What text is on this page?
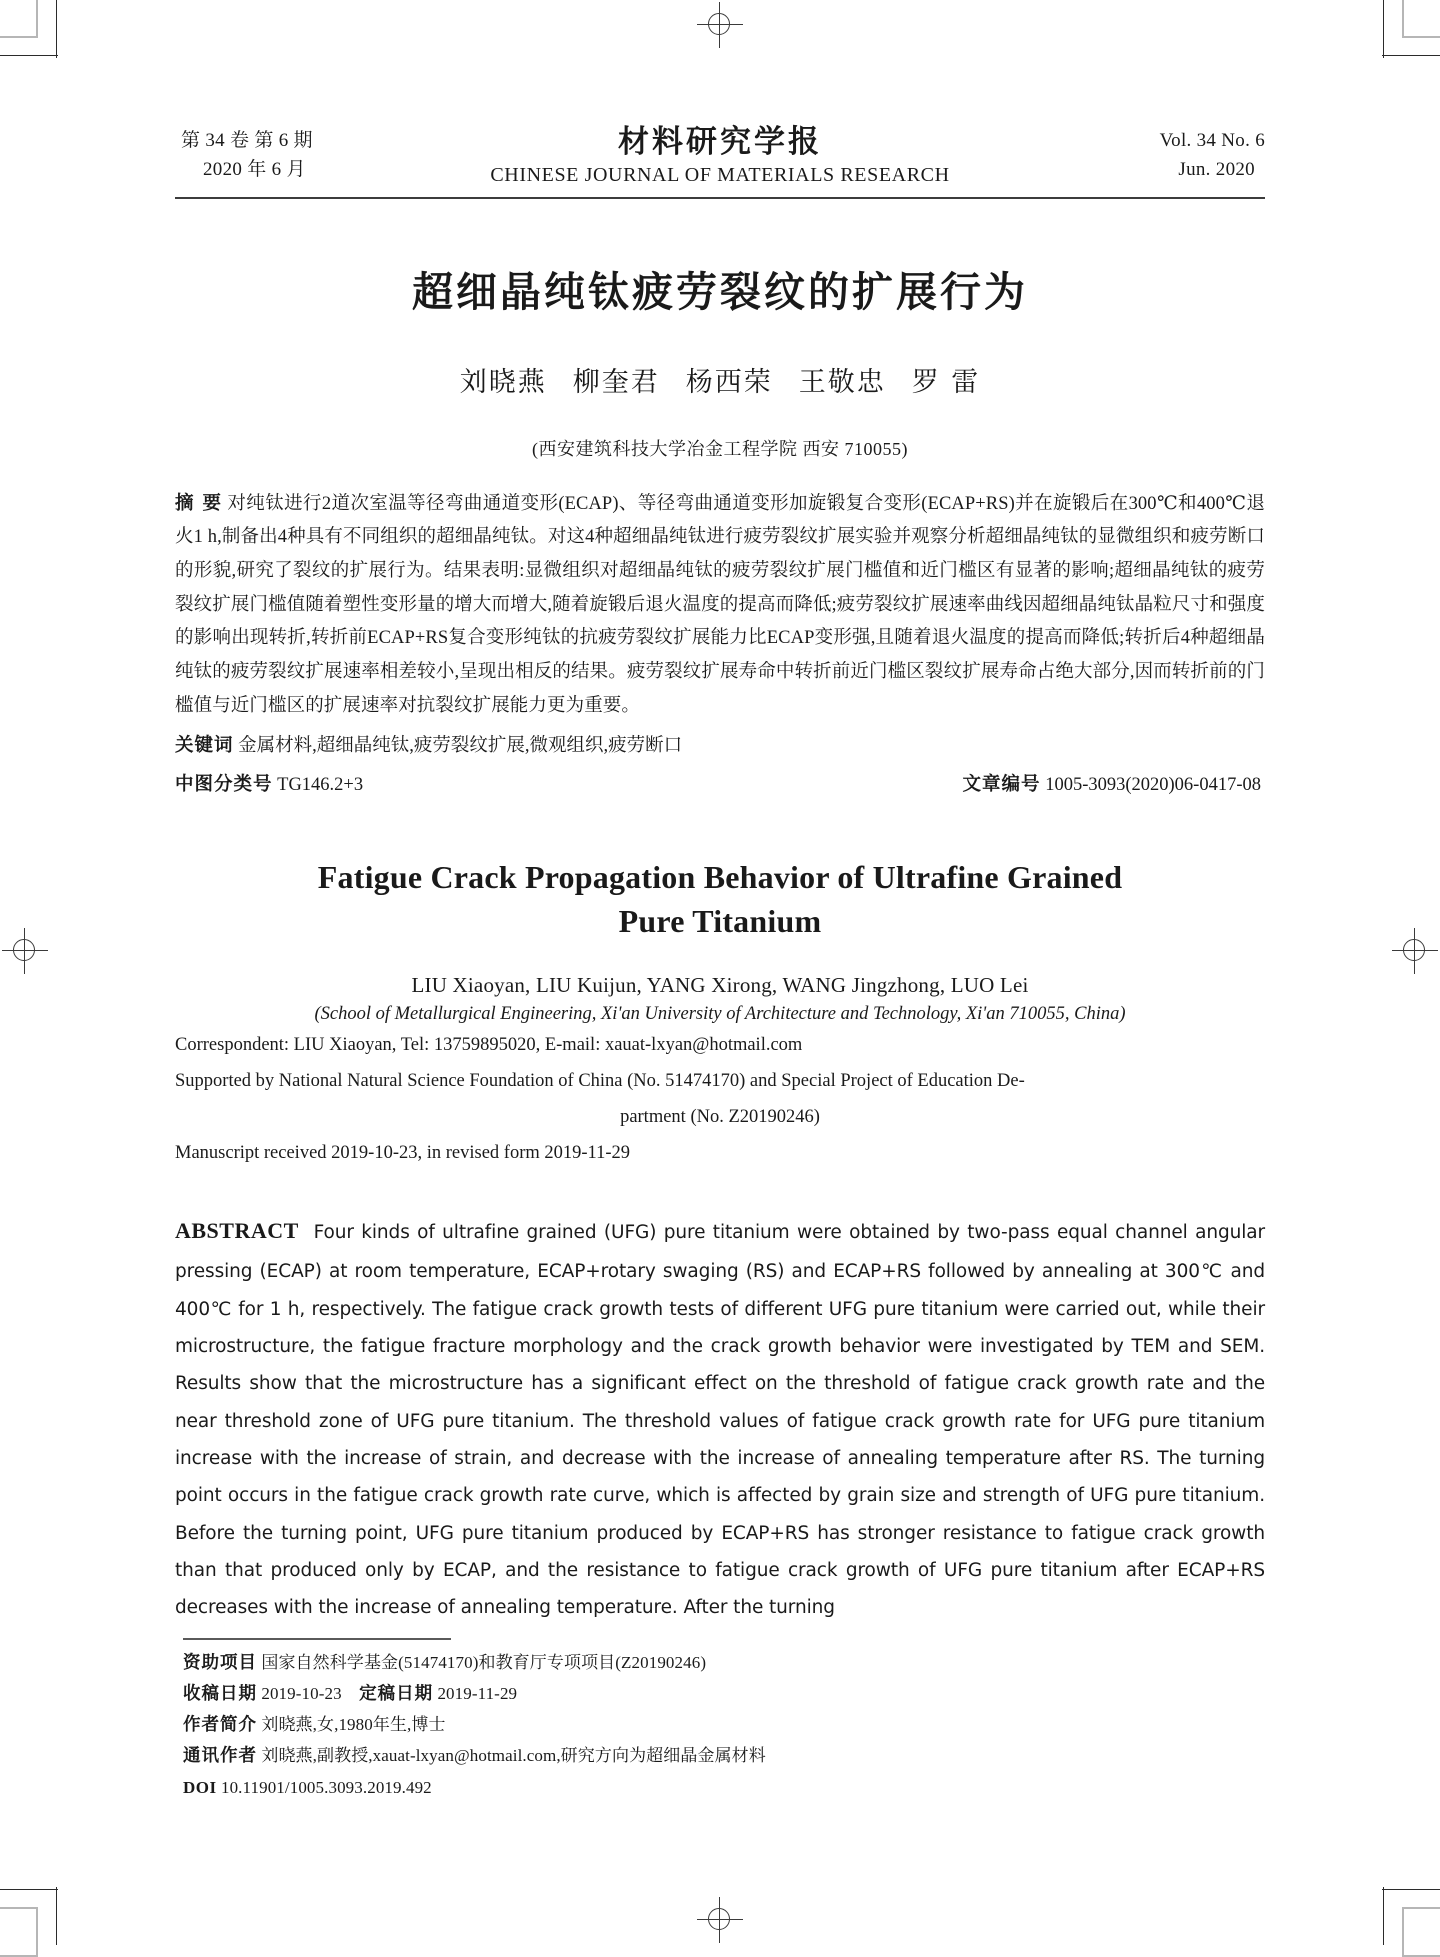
第 34 卷 第 6 期
2020 年 6 月
材料研究学报
CHINESE JOURNAL OF MATERIALS RESEARCH
Vol. 34 No. 6
Jun. 2020
超细晶纯钛疲劳裂纹的扩展行为
刘晓燕 柳奎君 杨西荣 王敬忠 罗 雷
(西安建筑科技大学冶金工程学院 西安 710055)
摘 要 对纯钛进行2道次室温等径弯曲通道变形(ECAP)、等径弯曲通道变形加旋锻复合变形(ECAP+RS)并在旋锻后在300℃和400℃退火1 h,制备出4种具有不同组织的超细晶纯钛。对这4种超细晶纯钛进行疲劳裂纹扩展实验并观察分析超细晶纯钛的显微组织和疲劳断口的形貌,研究了裂纹的扩展行为。结果表明:显微组织对超细晶纯钛的疲劳裂纹扩展门槛值和近门槛区有显著的影响;超细晶纯钛的疲劳裂纹扩展门槛值随着塑性变形量的增大而增大,随着旋锻后退火温度的提高而降低;疲劳裂纹扩展速率曲线因超细晶纯钛晶粒尺寸和强度的影响出现转折,转折前ECAP+RS复合变形纯钛的抗疲劳裂纹扩展能力比ECAP变形强,且随着退火温度的提高而降低;转折后4种超细晶纯钛的疲劳裂纹扩展速率相差较小,呈现出相反的结果。疲劳裂纹扩展寿命中转折前近门槛区裂纹扩展寿命占绝大部分,因而转折前的门槛值与近门槛区的扩展速率对抗裂纹扩展能力更为重要。
关键词 金属材料,超细晶纯钛,疲劳裂纹扩展,微观组织,疲劳断口
中图分类号 TG146.2+3	文章编号 1005-3093(2020)06-0417-08
Fatigue Crack Propagation Behavior of Ultrafine Grained
Pure Titanium
LIU Xiaoyan, LIU Kuijun, YANG Xirong, WANG Jingzhong, LUO Lei
(School of Metallurgical Engineering, Xi'an University of Architecture and Technology, Xi'an 710055, China)
Correspondent: LIU Xiaoyan, Tel: 13759895020, E-mail: xauat-lxyan@hotmail.com
Supported by National Natural Science Foundation of China (No. 51474170) and Special Project of Education De-
partment (No. Z20190246)
Manuscript received 2019-10-23, in revised form 2019-11-29
ABSTRACT Four kinds of ultrafine grained (UFG) pure titanium were obtained by two-pass equal channel angular pressing (ECAP) at room temperature, ECAP+rotary swaging (RS) and ECAP+RS followed by annealing at 300℃ and 400℃ for 1 h, respectively. The fatigue crack growth tests of different UFG pure titanium were carried out, while their microstructure, the fatigue fracture morphology and the crack growth behavior were investigated by TEM and SEM. Results show that the microstructure has a significant effect on the threshold of fatigue crack growth rate and the near threshold zone of UFG pure titanium. The threshold values of fatigue crack growth rate for UFG pure titanium increase with the increase of strain, and decrease with the increase of annealing temperature after RS. The turning point occurs in the fatigue crack growth rate curve, which is affected by grain size and strength of UFG pure titanium. Before the turning point, UFG pure titanium produced by ECAP+RS has stronger resistance to fatigue crack growth than that produced only by ECAP, and the resistance to fatigue crack growth of UFG pure titanium after ECAP+RS decreases with the increase of annealing temperature. After the turning
资助项目 国家自然科学基金(51474170)和教育厅专项项目(Z20190246)
收稿日期 2019-10-23 定稿日期 2019-11-29
作者简介 刘晓燕,女,1980年生,博士
通讯作者 刘晓燕,副教授,xauat-lxyan@hotmail.com,研究方向为超细晶金属材料
DOI 10.11901/1005.3093.2019.492
